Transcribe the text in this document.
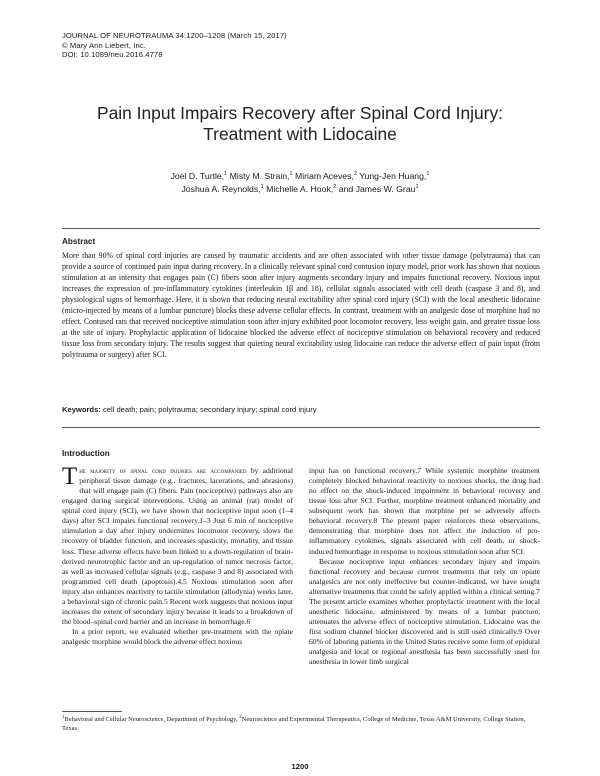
JOURNAL OF NEUROTRAUMA 34:1200–1208 (March 15, 2017)
© Mary Ann Liebert, Inc.
DOI: 10.1089/neu.2016.4778
Pain Input Impairs Recovery after Spinal Cord Injury:
Treatment with Lidocaine
Joel D. Turtle,$^1$ Misty M. Strain,$^1$ Miriam Aceves,$^2$ Yung-Jen Huang,$^1$
Joshua A. Reynolds,$^1$ Michelle A. Hook,$^2$ and James W. Grau$^1$
Abstract
More than 90% of spinal cord injuries are caused by traumatic accidents and are often associated with other tissue damage (polytrauma) that can provide a source of continued pain input during recovery. In a clinically relevant spinal cord contusion injury model, prior work has shown that noxious stimulation at an intensity that engages pain (C) fibers soon after injury augments secondary injury and impairs functional recovery. Noxious input increases the expression of pro-inflammatory cytokines (interleukin 1β and 18), cellular signals associated with cell death (caspase 3 and 8), and physiological signs of hemorrhage. Here, it is shown that reducing neural excitability after spinal cord injury (SCI) with the local anesthetic lidocaine (micro-injected by means of a lumbar puncture) blocks these adverse cellular effects. In contrast, treatment with an analgesic dose of morphine had no effect. Contused rats that received nociceptive stimulation soon after injury exhibited poor locomotor recovery, less weight gain, and greater tissue loss at the site of injury. Prophylactic application of lidocaine blocked the adverse effect of nociceptive stimulation on behavioral recovery and reduced tissue loss from secondary injury. The results suggest that quieting neural excitability using lidocaine can reduce the adverse effect of pain input (from polytrauma or surgery) after SCI.
Keywords: cell death; pain; polytrauma; secondary injury; spinal cord injury
Introduction

The majority of spinal cord injuries are accompanied by additional peripheral tissue damage (e.g., fractures, lacerations, and abrasions) that will engage pain (C) fibers. Pain (nociceptive) pathways also are engaged during surgical interventions. Using an animal (rat) model of spinal cord injury (SCI), we have shown that nociceptive input soon (1–4 days) after SCI impairs functional recovery.1–3 Just 6 min of nociceptive stimulation a day after injury undermines locomotor recovery, slows the recovery of bladder function, and increases spasticity, mortality, and tissue loss. These adverse effects have been linked to a down-regulation of brain-derived neurotrophic factor and an up-regulation of tumor necrosis factor, as well as increased cellular signals (e.g., caspase 3 and 8) associated with programmed cell death (apoptosis).4,5 Noxious stimulation soon after injury also enhances reactivity to tactile stimulation (allodynia) weeks later, a behavioral sign of chronic pain.5 Recent work suggests that noxious input increases the extent of secondary injury because it leads to a breakdown of the blood–spinal cord barrier and an increase in hemorrhage.6

In a prior report, we evaluated whether pre-treatment with the opiate analgesic morphine would block the adverse effect noxious

input has on functional recovery.7 While systemic morphine treatment completely blocked behavioral reactivity to noxious shocks, the drug had no effect on the shock-induced impairment in behavioral recovery and tissue loss after SCI. Further, morphine treatment enhanced mortality and subsequent work has shown that morphine per se adversely affects behavioral recovery.8 The present paper reinforces these observations, demonstrating that morphine does not affect the induction of pro-inflammatory cytokines, signals associated with cell death, or shock-induced hemorrhage in response to noxious stimulation soon after SCI.

Because nociceptive input enhances secondary injury and impairs functional recovery and because current treatments that rely on opiate analgesics are not only ineffective but counter-indicated, we have sought alternative treatments that could be safely applied within a clinical setting.7 The present article examines whether prophylactic treatment with the local anesthetic lidocaine, administered by means of a lumbar puncture, attenuates the adverse effect of nociceptive stimulation. Lidocaine was the first sodium channel blocker discovered and is still used clinically.9 Over 60% of laboring patients in the United States receive some form of epidural analgesia and local or regional anesthesia has been successfully used for anesthesia in lower limb surgical

$^1$Behavioral and Cellular Neuroscience, Department of Psychology, $^2$Neuroscience and Experimental Therapeutics, College of Medicine, Texas A&M University, College Station, Texas.
1200
